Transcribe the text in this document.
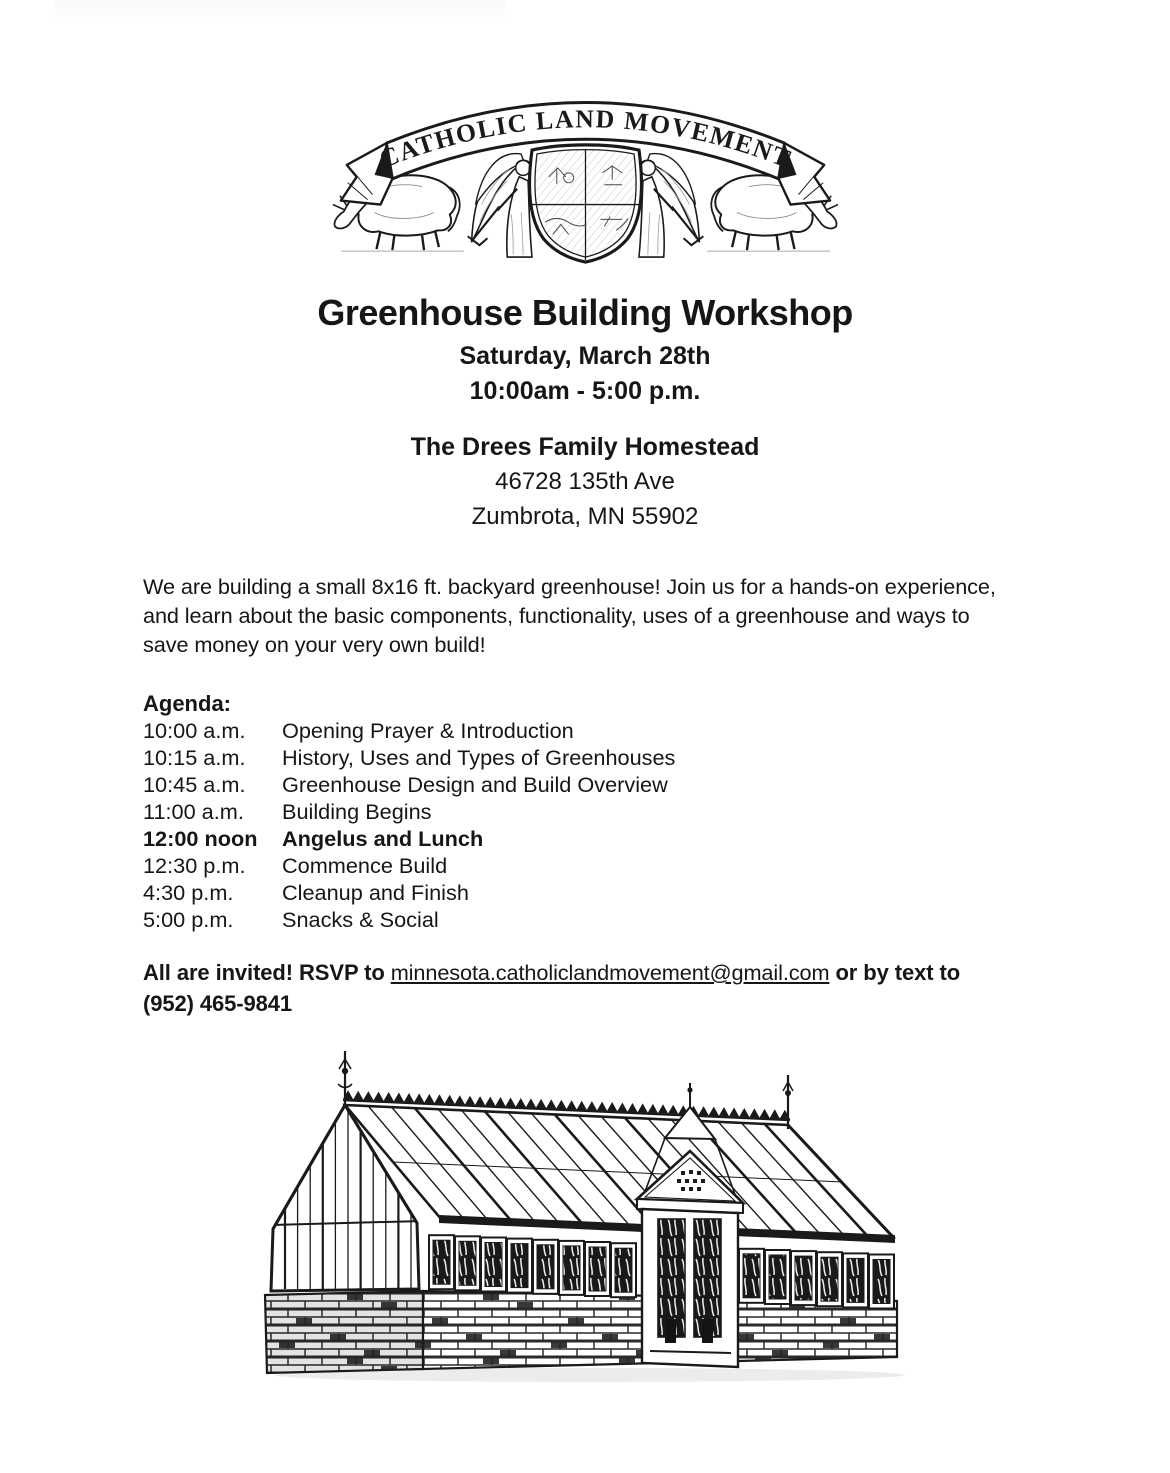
CATHOLIC LAND MOVEMENT
Greenhouse Building Workshop
Saturday, March 28th
10:00am - 5:00 p.m.
The Drees Family Homestead
46728 135th Ave
Zumbrota, MN 55902

We are building a small 8x16 ft. backyard greenhouse! Join us for a hands-on experience, and learn about the basic components, functionality, uses of a greenhouse and ways to save money on your very own build!

Agenda:
10:00 a.m.	Opening Prayer & Introduction
10:15 a.m.	History, Uses and Types of Greenhouses
10:45 a.m.	Greenhouse Design and Build Overview
11:00 a.m.	Building Begins
12:00 noon	Angelus and Lunch
12:30 p.m.	Commence Build
4:30 p.m.	Cleanup and Finish
5:00 p.m.	Snacks & Social

All are invited! RSVP to minnesota.catholiclandmovement@gmail.com or by text to
(952) 465-9841
